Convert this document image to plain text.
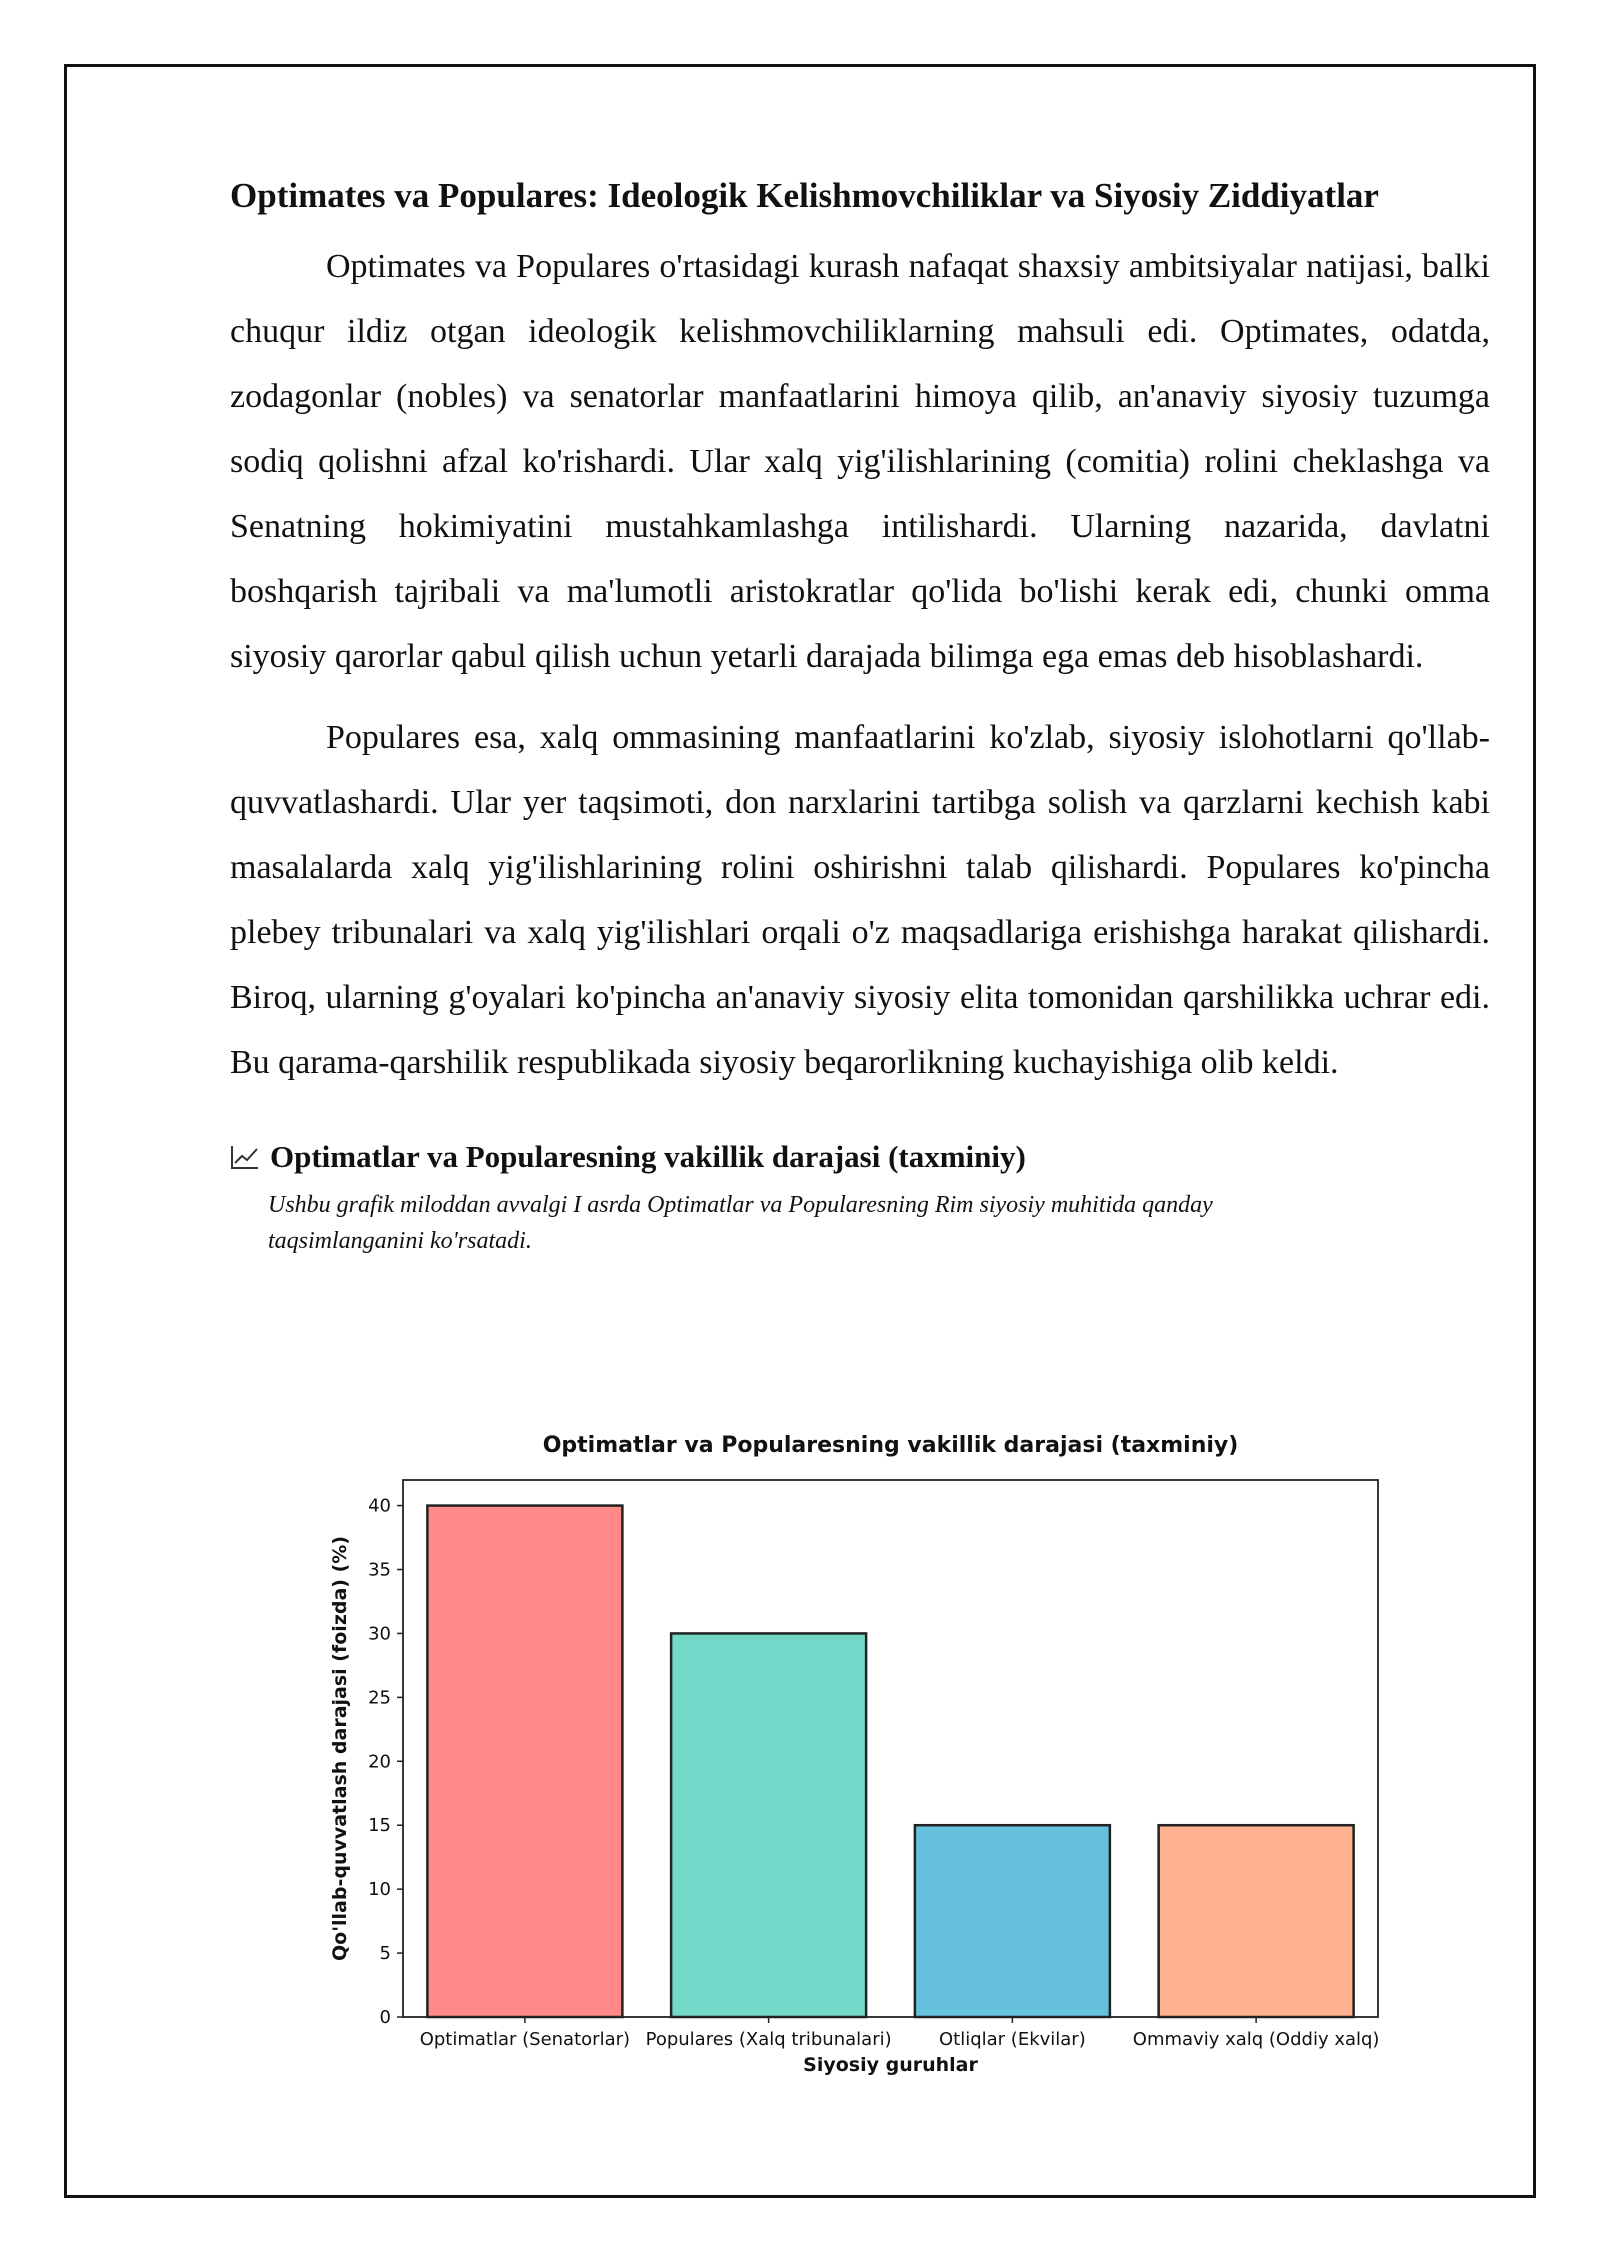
Optimates va Populares: Ideologik Kelishmovchiliklar va Siyosiy Ziddiyatlar

Optimates va Populares o'rtasidagi kurash nafaqat shaxsiy ambitsiyalar natijasi, balki chuqur ildiz otgan ideologik kelishmovchiliklarning mahsuli edi. Optimates, odatda, zodagonlar (nobles) va senatorlar manfaatlarini himoya qilib, an'anaviy siyosiy tuzumga sodiq qolishni afzal ko'rishardi. Ular xalq yig'ilishlarining (comitia) rolini cheklashga va Senatning hokimiyatini mustahkamlashga intilishardi. Ularning nazarida, davlatni boshqarish tajribali va ma'lumotli aristokratlar qo'lida bo'lishi kerak edi, chunki omma siyosiy qarorlar qabul qilish uchun yetarli darajada bilimga ega emas deb hisoblashardi.

Populares esa, xalq ommasining manfaatlarini ko'zlab, siyosiy islohotlarni qo'llab-quvvatlashardi. Ular yer taqsimoti, don narxlarini tartibga solish va qarzlarni kechish kabi masalalarda xalq yig'ilishlarining rolini oshirishni talab qilishardi. Populares ko'pincha plebey tribunalari va xalq yig'ilishlari orqali o'z maqsadlariga erishishga harakat qilishardi. Biroq, ularning g'oyalari ko'pincha an'anaviy siyosiy elita tomonidan qarshilikka uchrar edi. Bu qarama-qarshilik respublikada siyosiy beqarorlikning kuchayishiga olib keldi.

Optimatlar va Popularesning vakillik darajasi (taxminiy)
Ushbu grafik miloddan avvalgi I asrda Optimatlar va Popularesning Rim siyosiy muhitida qanday taqsimlanganini ko'rsatadi.
Optimatlar va Popularesning vakillik darajasi (taxminiy)
Optimatlar (Senatorlar) Populares (Xalq tribunalari)	Otliqlar (Ekvilar)	Ommaviy xalq (Oddiy xalq)
0
5
10
15
20
25
30
35
40
Siyosiy guruhlar
Qo'llab-quvvatlash darajasi (foizda) (%)
